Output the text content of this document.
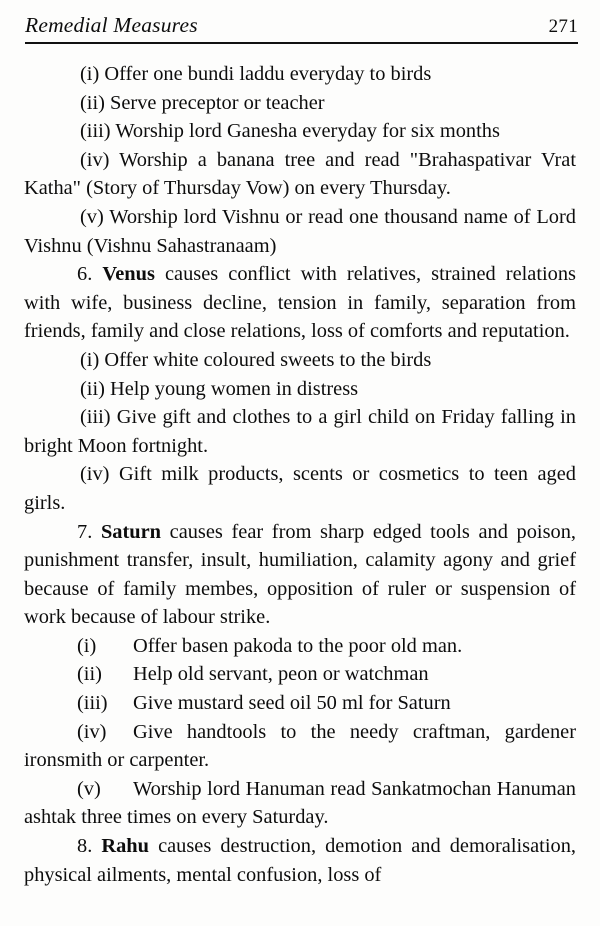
Remedial Measures	271

(i) Offer one bundi laddu everyday to birds

(ii) Serve preceptor or teacher

(iii) Worship lord Ganesha everyday for six months

(iv) Worship a banana tree and read "Brahaspativar Vrat Katha" (Story of Thursday Vow) on every Thursday.

(v) Worship lord Vishnu or read one thousand name of Lord Vishnu (Vishnu Sahastranaam)

6. Venus causes conflict with relatives, strained relations with wife, business decline, tension in family, separation from friends, family and close relations, loss of comforts and reputation.

(i) Offer white coloured sweets to the birds

(ii) Help young women in distress

(iii) Give gift and clothes to a girl child on Friday falling in bright Moon fortnight.

(iv) Gift milk products, scents or cosmetics to teen aged girls.

7. Saturn causes fear from sharp edged tools and poison, punishment transfer, insult, humiliation, calamity agony and grief because of family membes, opposition of ruler or suspension of work because of labour strike.

(i) Offer basen pakoda to the poor old man.

(ii) Help old servant, peon or watchman

(iii) Give mustard seed oil 50 ml for Saturn

(iv) Give handtools to the needy craftman, gardener ironsmith or carpenter.

(v) Worship lord Hanuman read Sankatmochan Hanuman ashtak three times on every Saturday.

8. Rahu causes destruction, demotion and demoralisation, physical ailments, mental confusion, loss of
